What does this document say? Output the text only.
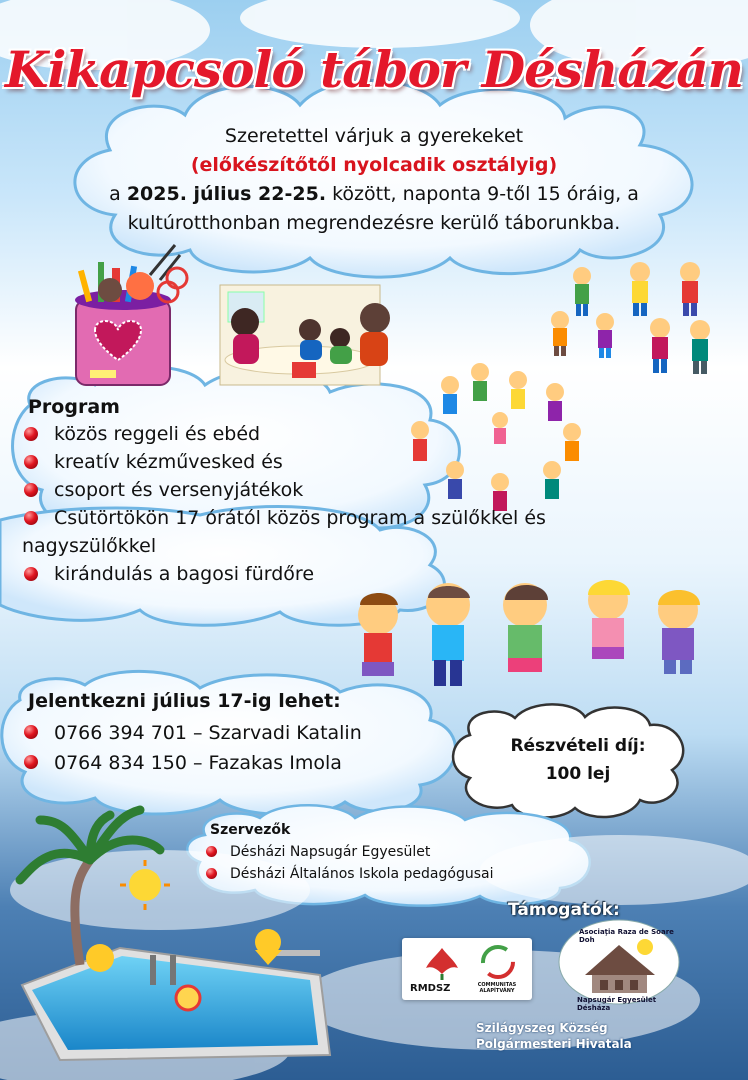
Kikapcsoló tábor Désházán
Szeretettel várjuk a gyerekeket
(előkészítőtől nyolcadik osztályig)
a 2025. július 22-25. között, naponta 9-től 15 óráig, a
kultúrotthonban megrendezésre kerülő táborunkba.
Program
közös reggeli és ebéd
kreatív kézművesked és
csoport és versenyjátékok
Csütörtökön 17 órától közös program a szülőkkel és nagyszülőkkel
kirándulás a bagosi fürdőre
Jelentkezni július 17-ig lehet:
0766 394 701 – Szarvadi Katalin
0764 834 150 – Fazakas Imola
Részvételi díj:
100 lej
Szervezők
Désházi Napsugár Egyesület
Désházi Általános Iskola pedagógusai
Támogatók:
RMDSZ	COMMUNITAS ALAPÍTVÁNY
Asociaţia Raza de Soare Doh
Napsugár Egyesület Désháza
Szilágyszeg Község
Polgármesteri Hivatala
